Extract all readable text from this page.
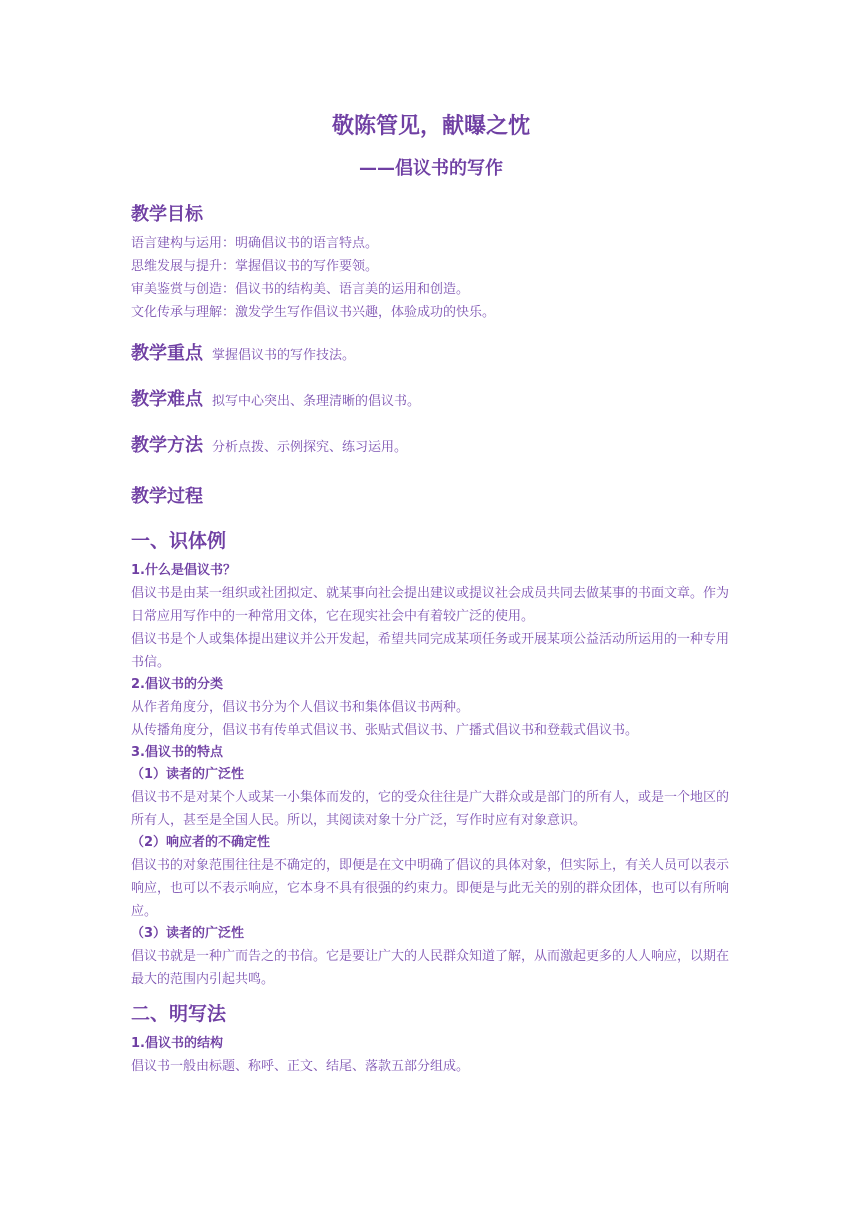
敬陈管见，献曝之忱
——倡议书的写作
教学目标

语言建构与运用：明确倡议书的语言特点。

思维发展与提升：掌握倡议书的写作要领。

审美鉴赏与创造：倡议书的结构美、语言美的运用和创造。

文化传承与理解：激发学生写作倡议书兴趣，体验成功的快乐。

教学重点 掌握倡议书的写作技法。
教学难点 拟写中心突出、条理清晰的倡议书。
教学方法 分析点拨、示例探究、练习运用。
教学过程
一、识体例

1.什么是倡议书？

倡议书是由某一组织或社团拟定、就某事向社会提出建议或提议社会成员共同去做某事的书面文章。作为日常应用写作中的一种常用文体，它在现实社会中有着较广泛的使用。

倡议书是个人或集体提出建议并公开发起，希望共同完成某项任务或开展某项公益活动所运用的一种专用书信。

2.倡议书的分类

从作者角度分，倡议书分为个人倡议书和集体倡议书两种。

从传播角度分，倡议书有传单式倡议书、张贴式倡议书、广播式倡议书和登载式倡议书。

3.倡议书的特点

（1）读者的广泛性

倡议书不是对某个人或某一小集体而发的，它的受众往往是广大群众或是部门的所有人，或是一个地区的所有人，甚至是全国人民。所以，其阅读对象十分广泛，写作时应有对象意识。

（2）响应者的不确定性

倡议书的对象范围往往是不确定的，即便是在文中明确了倡议的具体对象，但实际上，有关人员可以表示响应，也可以不表示响应，它本身不具有很强的约束力。即便是与此无关的别的群众团体，也可以有所响应。

（3）读者的广泛性

倡议书就是一种广而告之的书信。它是要让广大的人民群众知道了解，从而激起更多的人人响应，以期在最大的范围内引起共鸣。

二、明写法

1.倡议书的结构

倡议书一般由标题、称呼、正文、结尾、落款五部分组成。
